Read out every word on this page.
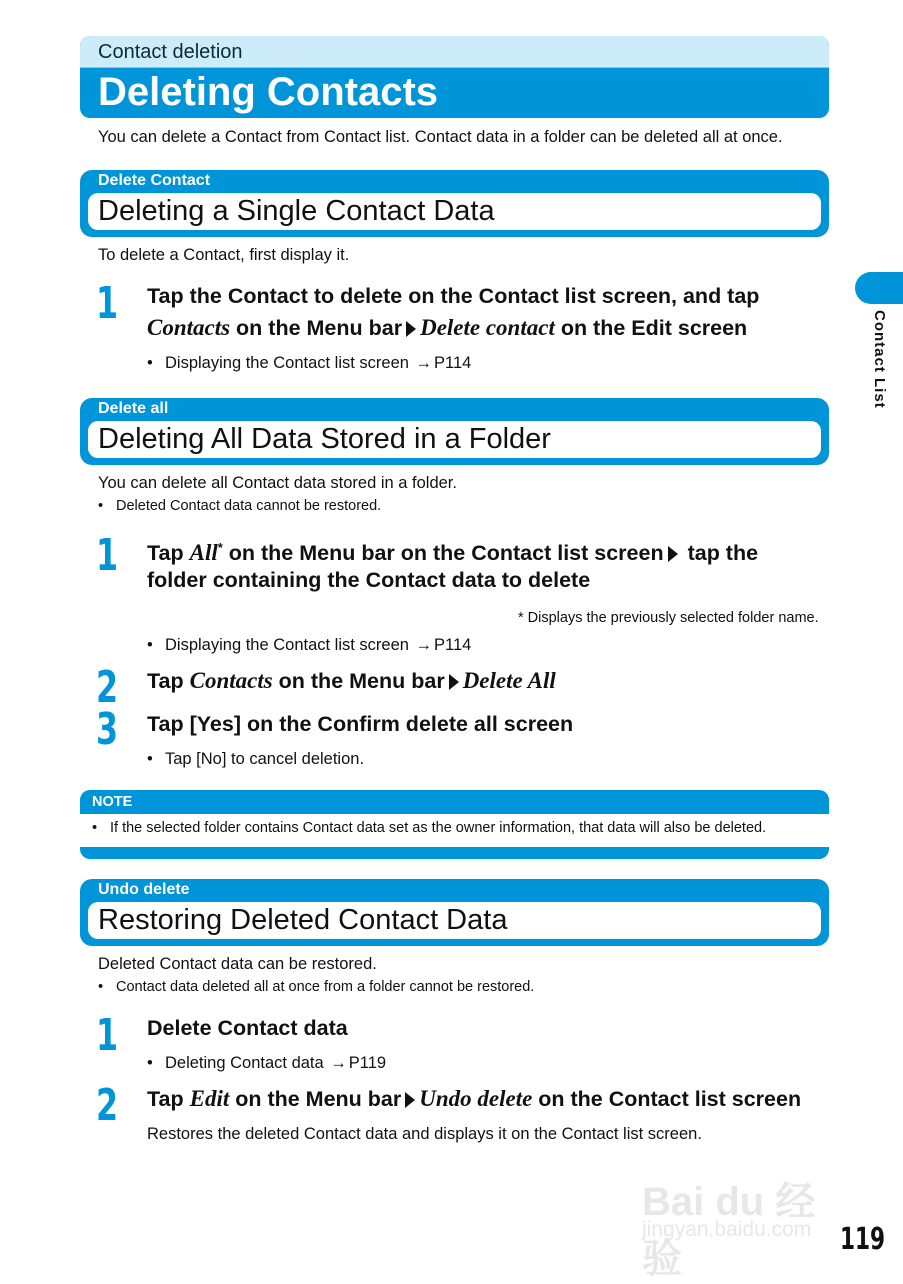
Contact deletion
Deleting Contacts
You can delete a Contact from Contact list. Contact data in a folder can be deleted all at once.
Delete Contact
Deleting a Single Contact Data
To delete a Contact, first display it.
1 Tap the Contact to delete on the Contact list screen, and tap
Contacts on the Menu bar Delete contact on the Edit screen
• Displaying the Contact list screen → P114
Delete all
Deleting All Data Stored in a Folder
You can delete all Contact data stored in a folder.
• Deleted Contact data cannot be restored.
1 Tap All* on the Menu bar on the Contact list screen tap the
folder containing the Contact data to delete
* Displays the previously selected folder name.
• Displaying the Contact list screen → P114
2 Tap Contacts on the Menu bar Delete All
3 Tap [Yes] on the Confirm delete all screen
• Tap [No] to cancel deletion.
NOTE
• If the selected folder contains Contact data set as the owner information, that data will also be deleted.
Undo delete
Restoring Deleted Contact Data
Deleted Contact data can be restored.
• Contact data deleted all at once from a folder cannot be restored.
1 Delete Contact data
• Deleting Contact data → P119
2 Tap Edit on the Menu bar Undo delete on the Contact list screen
Restores the deleted Contact data and displays it on the Contact list screen.
Contact List
Bai du 经验
jingyan.baidu.com 119
